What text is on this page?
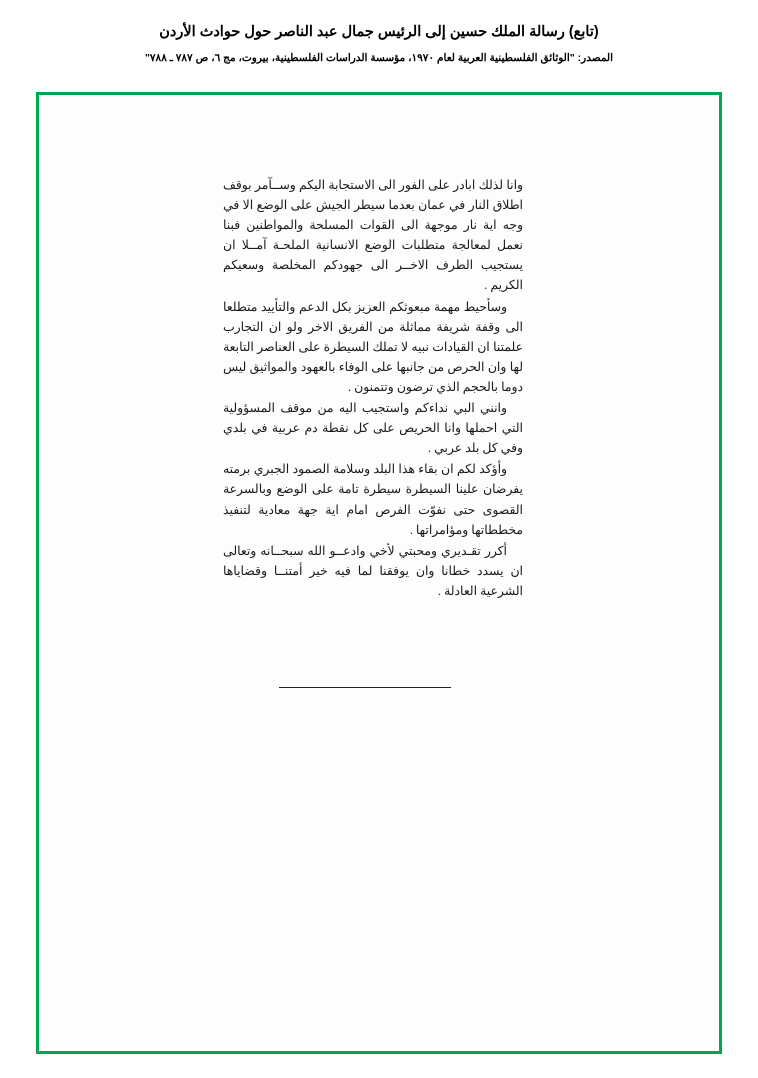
(تابع) رسالة الملك حسين إلى الرئيس جمال عبد الناصر حول حوادث الأردن
المصدر: "الوثائق الفلسطينية العربية لعام ١٩٧٠، مؤسسة الدراسات الفلسطينية، بيروت، مج ٦، ص ٧٨٧ ـ ٧٨٨"

وانا لذلك ابادر على الفور الى الاستجابة اليكم وســآمر بوقف اطلاق النار في عمان بعدما سيطر الجيش على الوضع الا في وجه اية نار موجهة الى القوات المسلحة والمواطنين فبنا نعمل لمعالجة متطلبات الوضع الانسانية الملحـة آمــلا ان يستجيب الطرف الاخــر الى جهودكم المخلصة وسعيكم الكريم .

وسأحيط مهمة مبعوثكم العزيز بكل الدعم والتأييد متطلعا الى وقفة شريفة مماثلة من الفريق الاخر ولو ان التجارب علمتنا ان القيادات نبيه لا تملك السيطرة على العناصر التابعة لها وان الحرص من جانبها على الوفاء بالعهود والمواثيق ليس دوما بالحجم الذي ترضون وتتمنون .

وانني البي نداءكم واستجيب اليه من موقف المسؤولية التي احملها وانا الحريص على كل نقطة دم عربية في بلدي وفي كل بلد عربي .

وأؤكد لكم ان بقاء هذا البلد وسلامة الصمود الجبري برمته يفرضان علينا السيطرة سيطرة تامة على الوضع وبالسرعة القصوى حتى نفوّت الفرص امام اية جهة معادية لتنفيذ مخططاتها ومؤامراتها .

أكرر تقـديري ومحبتي لأخي وادعــو الله سبحــانه وتعالى ان يسدد خطانا وان يوفقنا لما فيه خير أمتنــا وقضاياها الشرعية العادلة .
